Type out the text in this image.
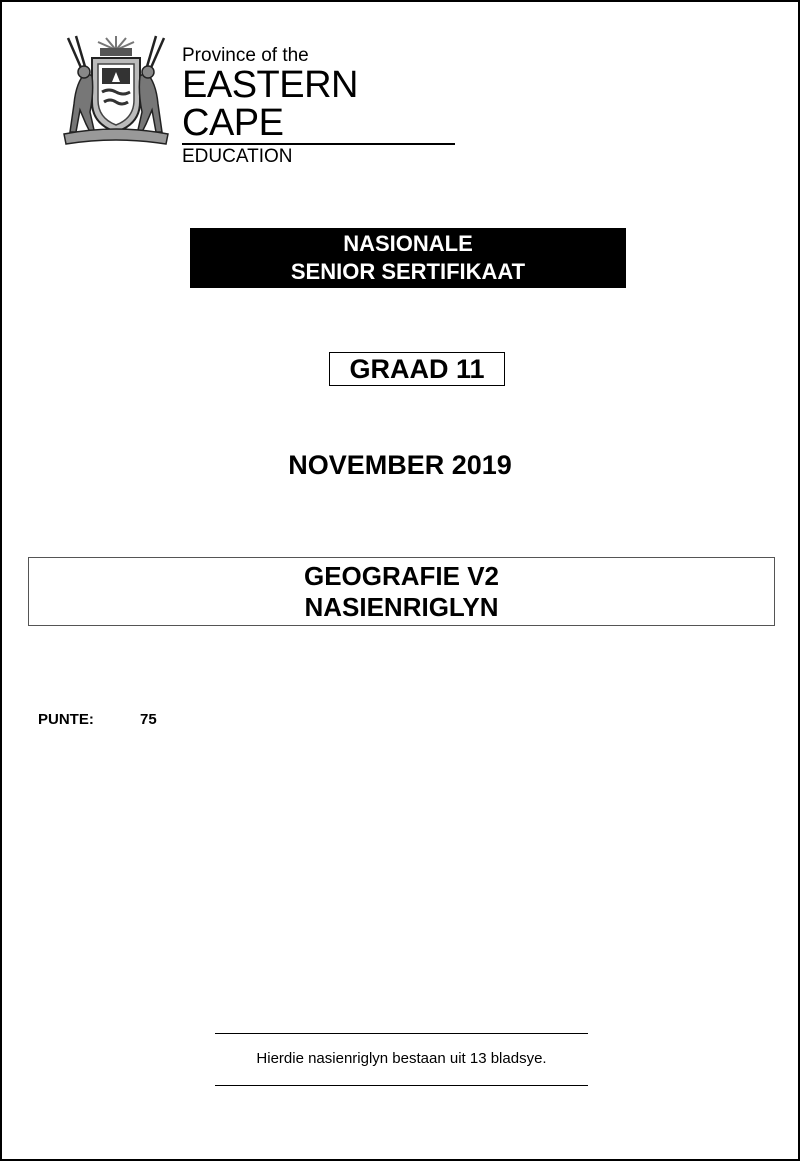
Province of the
EASTERN CAPE
EDUCATION
NASIONALE
SENIOR SERTIFIKAAT
GRAAD 11
NOVEMBER 2019
GEOGRAFIE V2
NASIENRIGLYN
PUNTE:	75
Hierdie nasienriglyn bestaan uit 13 bladsye.
